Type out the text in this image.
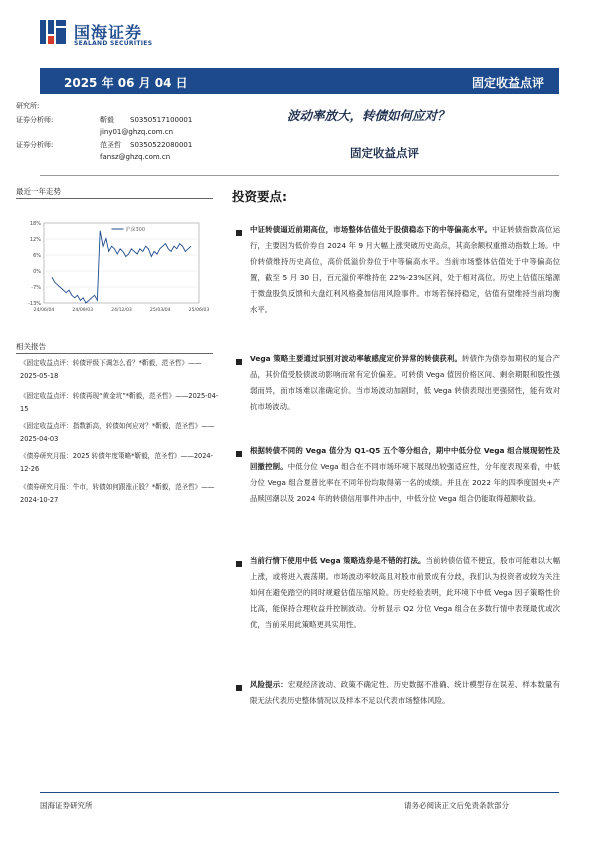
国海证券
SEALAND SECURITIES
2025 年 06 月 04 日	固定收益点评
研究所:
证券分析师:	靳毅 S0350517100001
jiny01@ghzq.com.cn
证券分析师:	范圣哲 S0350522080001
fansz@ghzq.com.cn
波动率放大，转债如何应对？
固定收益点评
最近一年走势
18%
12%
6%
0%
-7%
-13%
24/06/04	24/09/03	24/12/03	25/03/04	25/06/03
沪深300
相关报告
《固定收益点评：转债评级下调怎么看？*靳毅，范圣哲》——2025-05-18
《固定收益点评：转债再现“黄金坑”*靳毅，范圣哲》——2025-04-15
《固定收益点评：指数新高，转债如何应对？*靳毅，范圣哲》——2025-04-03
《债券研究月报：2025 转债年度策略*靳毅，范圣哲》——2024-12-26
《债券研究月报：牛市，转债如何跟涨正股？*靳毅，范圣哲》——2024-10-27
投资要点:
中证转债逼近前期高位，市场整体估值处于股债稳态下的中等偏高水平。中证转债指数高位运行，主要因为低价券自 2024 年 9 月大幅上涨突破历史高点，其高余额权重推动指数上场。中价转债维持历史高位，高价低溢价券位于中等偏高水平。当前市场整体估值处于中等偏高位置，截至 5 月 30 日，百元溢价率维持在 22%-23%区间，处于相对高位。历史上估值压缩源于微盘股负反馈和大盘红利风格叠加信用风险事件。市场若保持稳定，估值有望维持当前均衡水平。
Vega 策略主要通过识别对波动率敏感度定价异常的转债获利。转债作为债券加期权的复合产品，其价值受股债波动影响而常有定价偏差。可转债 Vega 值因价格区间、剩余期限和股性强弱而异，而市场难以准确定价。当市场波动加剧时，低 Vega 转债表现出更强韧性，能有效对抗市场波动。
根据转债不同的 Vega 值分为 Q1-Q5 五个等分组合，期中中低分位 Vega 组合展现韧性及回撤控制。中低分位 Vega 组合在不同市场环境下展现出较强适应性，分年度表现来看，中低分位 Vega 组合夏普比率在不同年份均取得第一名的成绩。并且在 2022 年的四季度国央+产品赎回潮以及 2024 年的转债信用事件冲击中，中低分位 Vega 组合仍能取得超额收益。
当前行情下使用中低 Vega 策略选券是不错的打法。当前转债估值不便宜，股市可能难以大幅上涨，或将进入震荡期。市场波动率较高且对股市前景成有分歧，我们认为投资者或较为关注如何在避免踏空的同时规避估值压缩风险。历史经验表明，此环境下中低 Vega 因子策略性价比高，能保持合理收益并控制波动。分析显示 Q2 分位 Vega 组合在多数行情中表现最优或次优，当前采用此策略更具实用性。
风险提示：宏观经济波动、政策不确定性、历史数据不准确、统计模型存在误差、样本数量有限无法代表历史整体情况以及样本不足以代表市场整体风险。
国海证券研究所	请务必阅读正文后免责条款部分
